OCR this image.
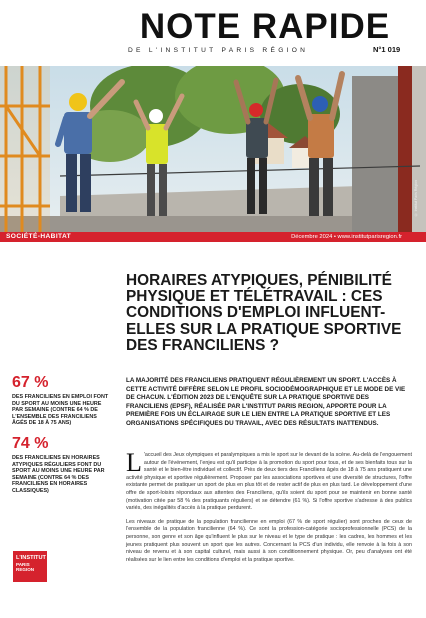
NOTE RAPIDE
DE L'INSTITUT PARIS RÉGION	N°1 019
© Institut Paris Région
SOCIÉTÉ-HABITAT	Décembre 2024 • www.institutparisregion.fr
HORAIRES ATYPIQUES, PÉNIBILITÉ PHYSIQUE ET TÉLÉTRAVAIL : CES CONDITIONS D'EMPLOI INFLUENT-ELLES SUR LA PRATIQUE SPORTIVE DES FRANCILIENS ?
67 %
DES FRANCILIENS EN EMPLOI FONT DU SPORT AU MOINS UNE HEURE PAR SEMAINE (CONTRE 64 % DE L'ENSEMBLE DES FRANCILIENS ÂGÉS DE 18 À 75 ANS)
74 %
DES FRANCILIENS EN HORAIRES ATYPIQUES RÉGULIERS FONT DU SPORT AU MOINS UNE HEURE PAR SEMAINE (CONTRE 64 % DES FRANCILIENS EN HORAIRES CLASSIQUES)

LA MAJORITÉ DES FRANCILIENS PRATIQUENT RÉGULIÈREMENT UN SPORT. L'ACCÈS À CETTE ACTIVITÉ DIFFÈRE SELON LE PROFIL SOCIODÉMOGRAPHIQUE ET LE MODE DE VIE DE CHACUN. L'ÉDITION 2023 DE L'ENQUÊTE SUR LA PRATIQUE SPORTIVE DES FRANCILIENS (EPSF), RÉALISÉE PAR L'INSTITUT PARIS REGION, APPORTE POUR LA PREMIÈRE FOIS UN ÉCLAIRAGE SUR LE LIEN ENTRE LA PRATIQUE SPORTIVE ET LES ORGANISATIONS SPÉCIFIQUES DU TRAVAIL, AVEC DES RÉSULTATS INATTENDUS.

L 'accueil des Jeux olympiques et paralympiques a mis le sport sur le devant de la scène. Au-delà de l'engouement autour de l'événement, l'enjeu est qu'il participe à la promotion du sport pour tous, et de ses bienfaits tous sur la santé et le bien-être individuel et collectif. Près de deux tiers des Franciliens âgés de 18 à 75 ans pratiquent une activité physique et sportive régulièrement. Proposer par les associations sportives et une diversité de structures, l'offre existante permet de pratiquer un sport de plus en plus tôt et de rester actif de plus en plus tard. Le développement d'une offre de sport-loisirs répondaux aux attentes des Franciliens, qu'ils soient du sport pour se maintenir en bonne santé (motivation citée par 58 % des pratiquants réguliers) et se détendre (61 %). Si l'offre sportive s'adresse à des publics variés, des inégalités d'accès à la pratique perdurent.

Les niveaux de pratique de la population francilienne en emploi (67 % de sport régulier) sont proches de ceux de l'ensemble de la population francilienne (64 %). Ce sont la profession-catégorie socioprofessionnelle (PCS) de la personne, son genre et son âge qu'influent le plus sur le niveau et le type de pratique : les cadres, les hommes et les jeunes pratiquent plus souvent un sport que les autres. Concernant la PCS d'un individu, elle renvoie à la fois à son niveau de revenu et à son capital culturel, mais aussi à son conditionnement physique. Or, peu d'analyses ont été réalisées sur le lien entre les conditions d'emploi et la pratique sportive.

L'INSTITUT
PARIS
REGION
